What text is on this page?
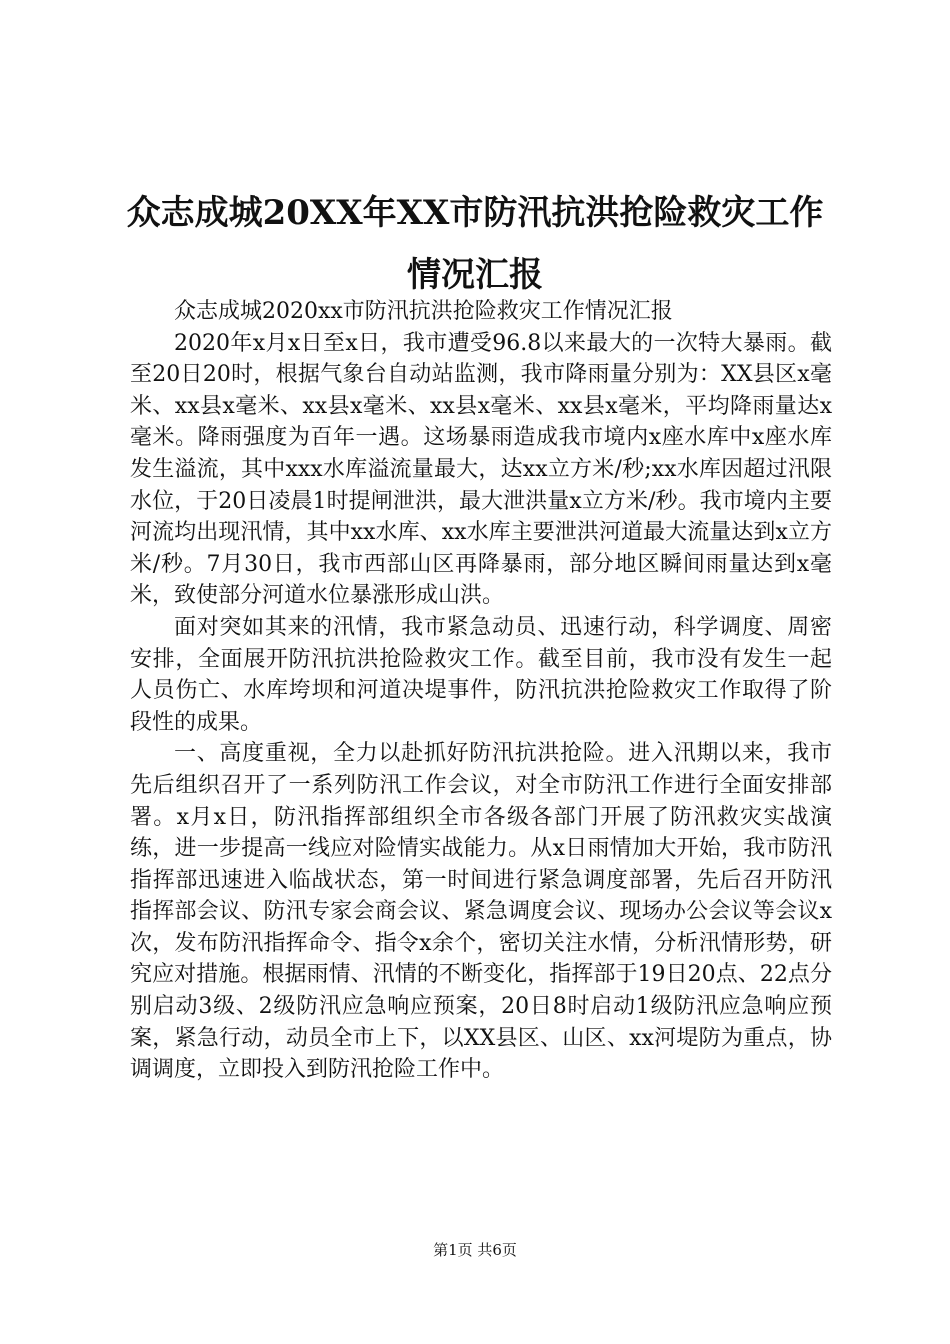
众志成城20XX年XX市防汛抗洪抢险救灾工作
情况汇报

众志成城2020xx市防汛抗洪抢险救灾工作情况汇报

2020年x月x日至x日，我市遭受96.8以来最大的一次特大暴雨。截至20日20时，根据气象台自动站监测，我市降雨量分别为：XX县区x毫米、xx县x毫米、xx县x毫米、xx县x毫米、xx县x毫米，平均降雨量达x毫米。降雨强度为百年一遇。这场暴雨造成我市境内x座水库中x座水库发生溢流，其中xxx水库溢流量最大，达xx立方米/秒;xx水库因超过汛限水位，于20日凌晨1时提闸泄洪，最大泄洪量x立方米/秒。我市境内主要河流均出现汛情，其中xx水库、xx水库主要泄洪河道最大流量达到x立方米/秒。7月30日，我市西部山区再降暴雨，部分地区瞬间雨量达到x毫米，致使部分河道水位暴涨形成山洪。

面对突如其来的汛情，我市紧急动员、迅速行动，科学调度、周密安排，全面展开防汛抗洪抢险救灾工作。截至目前，我市没有发生一起人员伤亡、水库垮坝和河道决堤事件，防汛抗洪抢险救灾工作取得了阶段性的成果。

一、高度重视，全力以赴抓好防汛抗洪抢险。进入汛期以来，我市先后组织召开了一系列防汛工作会议，对全市防汛工作进行全面安排部署。x月x日，防汛指挥部组织全市各级各部门开展了防汛救灾实战演练，进一步提高一线应对险情实战能力。从x日雨情加大开始，我市防汛指挥部迅速进入临战状态，第一时间进行紧急调度部署，先后召开防汛指挥部会议、防汛专家会商会议、紧急调度会议、现场办公会议等会议x次，发布防汛指挥命令、指令x余个，密切关注水情，分析汛情形势，研究应对措施。根据雨情、汛情的不断变化，指挥部于19日20点、22点分别启动3级、2级防汛应急响应预案，20日8时启动1级防汛应急响应预案，紧急行动，动员全市上下，以XX县区、山区、xx河堤防为重点，协调调度，立即投入到防汛抢险工作中。

第1页 共6页
